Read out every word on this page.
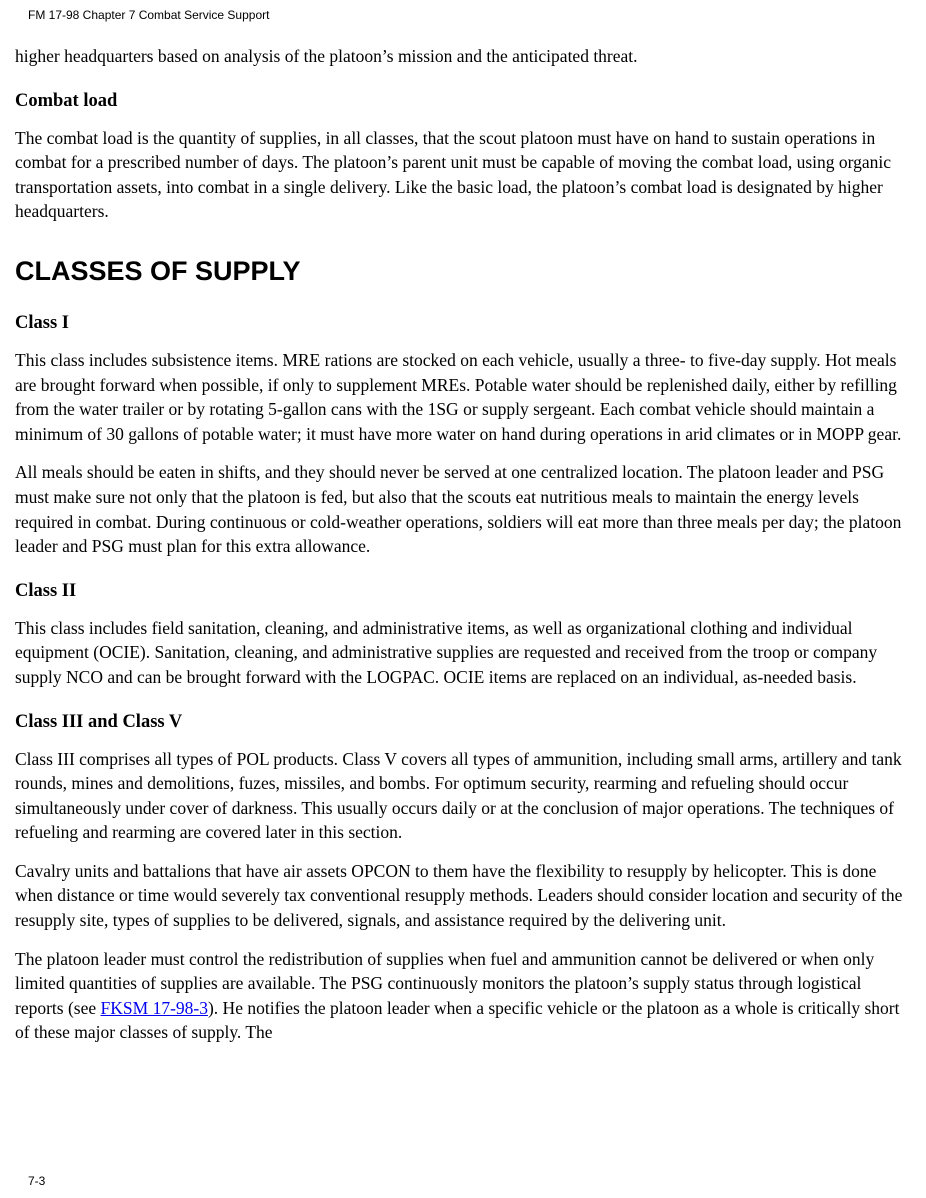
FM 17-98 Chapter 7 Combat Service Support

higher headquarters based on analysis of the platoon’s mission and the anticipated threat.

Combat load

The combat load is the quantity of supplies, in all classes, that the scout platoon must have on hand to sustain operations in combat for a prescribed number of days. The platoon’s parent unit must be capable of moving the combat load, using organic transportation assets, into combat in a single delivery. Like the basic load, the platoon’s combat load is designated by higher headquarters.

CLASSES OF SUPPLY
Class I

This class includes subsistence items. MRE rations are stocked on each vehicle, usually a three- to five-day supply. Hot meals are brought forward when possible, if only to supplement MREs. Potable water should be replenished daily, either by refilling from the water trailer or by rotating 5-gallon cans with the 1SG or supply sergeant. Each combat vehicle should maintain a minimum of 30 gallons of potable water; it must have more water on hand during operations in arid climates or in MOPP gear.

All meals should be eaten in shifts, and they should never be served at one centralized location. The platoon leader and PSG must make sure not only that the platoon is fed, but also that the scouts eat nutritious meals to maintain the energy levels required in combat. During continuous or cold-weather operations, soldiers will eat more than three meals per day; the platoon leader and PSG must plan for this extra allowance.

Class II

This class includes field sanitation, cleaning, and administrative items, as well as organizational clothing and individual equipment (OCIE). Sanitation, cleaning, and administrative supplies are requested and received from the troop or company supply NCO and can be brought forward with the LOGPAC. OCIE items are replaced on an individual, as-needed basis.

Class III and Class V

Class III comprises all types of POL products. Class V covers all types of ammunition, including small arms, artillery and tank rounds, mines and demolitions, fuzes, missiles, and bombs. For optimum security, rearming and refueling should occur simultaneously under cover of darkness. This usually occurs daily or at the conclusion of major operations. The techniques of refueling and rearming are covered later in this section.

Cavalry units and battalions that have air assets OPCON to them have the flexibility to resupply by helicopter. This is done when distance or time would severely tax conventional resupply methods. Leaders should consider location and security of the resupply site, types of supplies to be delivered, signals, and assistance required by the delivering unit.

The platoon leader must control the redistribution of supplies when fuel and ammunition cannot be delivered or when only limited quantities of supplies are available. The PSG continuously monitors the platoon’s supply status through logistical reports (see FKSM 17-98-3). He notifies the platoon leader when a specific vehicle or the platoon as a whole is critically short of these major classes of supply. The

7-3
